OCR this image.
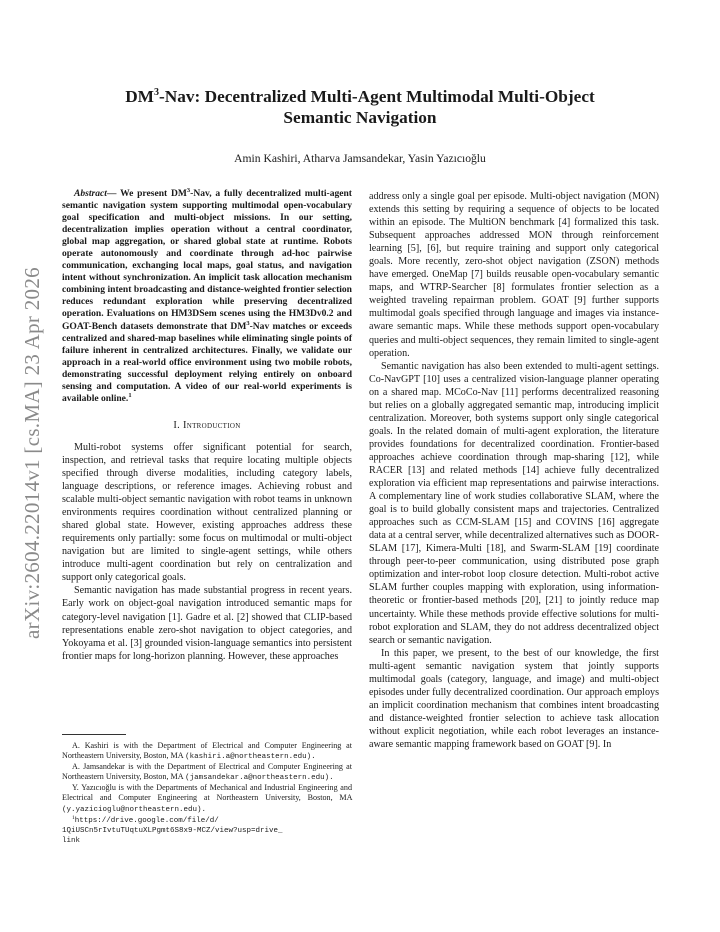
arXiv:2604.22014v1 [cs.MA] 23 Apr 2026
$DM^3$-Nav: Decentralized Multi-Agent Multimodal Multi-Object
Semantic Navigation
Amin Kashiri, Atharva Jamsandekar, Yasin Yazıcıoğlu

Abstract— We present $DM^3$-Nav, a fully decentralized multi-agent semantic navigation system supporting multimodal open-vocabulary goal specification and multi-object missions. In our setting, decentralization implies operation without a central coordinator, global map aggregation, or shared global state at runtime. Robots operate autonomously and coordinate through ad-hoc pairwise communication, exchanging local maps, goal status, and navigation intent without synchronization. An implicit task allocation mechanism combining intent broadcasting and distance-weighted frontier selection reduces redundant exploration while preserving decentralized operation. Evaluations on HM3DSem scenes using the HM3Dv0.2 and GOAT-Bench datasets demonstrate that $DM^3$-Nav matches or exceeds centralized and shared-map baselines while eliminating single points of failure inherent in centralized architectures. Finally, we validate our approach in a real-world office environment using two mobile robots, demonstrating successful deployment relying entirely on onboard sensing and computation. A video of our real-world experiments is available online.$^1$

I. Introduction

Multi-robot systems offer significant potential for search, inspection, and retrieval tasks that require locating multiple objects specified through diverse modalities, including category labels, language descriptions, or reference images. Achieving robust and scalable multi-object semantic navigation with robot teams in unknown environments requires coordination without centralized planning or shared global state. However, existing approaches address these requirements only partially: some focus on multimodal or multi-object navigation but are limited to single-agent settings, while others introduce multi-agent coordination but rely on centralization and support only categorical goals.

Semantic navigation has made substantial progress in recent years. Early work on object-goal navigation introduced semantic maps for category-level navigation [1]. Gadre et al. [2] showed that CLIP-based representations enable zero-shot navigation to object categories, and Yokoyama et al. [3] grounded vision-language semantics into persistent frontier maps for long-horizon planning. However, these approaches

A. Kashiri is with the Department of Electrical and Computer Engineering at Northeastern University, Boston, MA (kashiri.a@northeastern.edu).

A. Jamsandekar is with the Department of Electrical and Computer Engineering at Northeastern University, Boston, MA (jamsandekar.a@northeastern.edu).

Y. Yazıcıoğlu is with the Departments of Mechanical and Industrial Engineering and Electrical and Computer Engineering at Northeastern University, Boston, MA (y.yazicioglu@northeastern.edu).

$^1$https://drive.google.com/file/d/

1QiUSCn5rIvtuTUqtuXLPgmt6S8x9-MCZ/view?usp=drive_

link

address only a single goal per episode. Multi-object navigation (MON) extends this setting by requiring a sequence of objects to be located within an episode. The MultiON benchmark [4] formalized this task. Subsequent approaches addressed MON through reinforcement learning [5], [6], but require training and support only categorical goals. More recently, zero-shot object navigation (ZSON) methods have emerged. OneMap [7] builds reusable open-vocabulary semantic maps, and WTRP-Searcher [8] formulates frontier selection as a weighted traveling repairman problem. GOAT [9] further supports multimodal goals specified through language and images via instance-aware semantic maps. While these methods support open-vocabulary queries and multi-object sequences, they remain limited to single-agent operation.

Semantic navigation has also been extended to multi-agent settings. Co-NavGPT [10] uses a centralized vision-language planner operating on a shared map. MCoCo-Nav [11] performs decentralized reasoning but relies on a globally aggregated semantic map, introducing implicit centralization. Moreover, both systems support only single categorical goals. In the related domain of multi-agent exploration, the literature provides foundations for decentralized coordination. Frontier-based approaches achieve coordination through map-sharing [12], while RACER [13] and related methods [14] achieve fully decentralized exploration via efficient map representations and pairwise interactions. A complementary line of work studies collaborative SLAM, where the goal is to build globally consistent maps and trajectories. Centralized approaches such as CCM-SLAM [15] and COVINS [16] aggregate data at a central server, while decentralized alternatives such as DOOR-SLAM [17], Kimera-Multi [18], and Swarm-SLAM [19] coordinate through peer-to-peer communication, using distributed pose graph optimization and inter-robot loop closure detection. Multi-robot active SLAM further couples mapping with exploration, using information-theoretic or frontier-based methods [20], [21] to jointly reduce map uncertainty. While these methods provide effective solutions for multi-robot exploration and SLAM, they do not address decentralized object search or semantic navigation.

In this paper, we present, to the best of our knowledge, the first multi-agent semantic navigation system that jointly supports multimodal goals (category, language, and image) and multi-object episodes under fully decentralized coordination. Our approach employs an implicit coordination mechanism that combines intent broadcasting and distance-weighted frontier selection to achieve task allocation without explicit negotiation, while each robot leverages an instance-aware semantic mapping framework based on GOAT [9]. In
